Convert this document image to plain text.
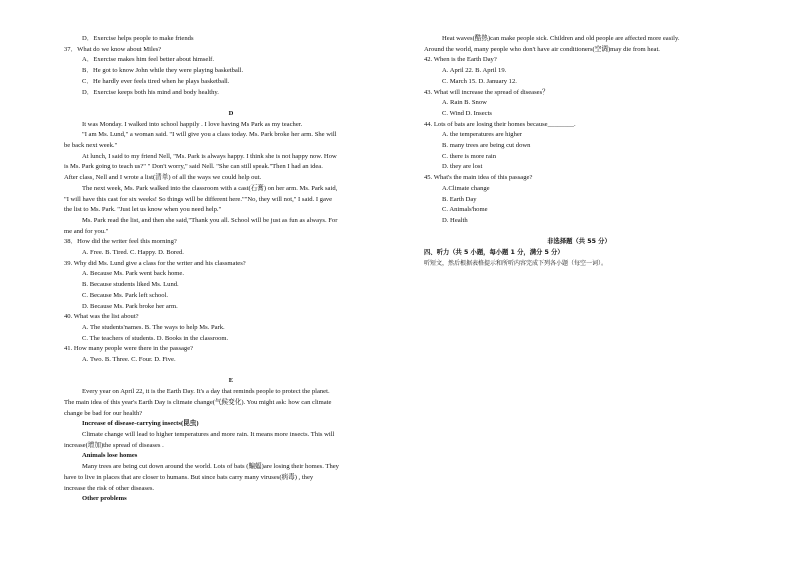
D．Exercise helps people to make friends
37．What do we know about Miles?
A．Exercise makes him feel better about himself.
B．He got to know John while they were playing basketball.
C．He hardly ever feels tired when he plays basketball.
D．Exercise keeps both his mind and body healthy.
D
It was Monday. I walked into school happily . I love having Ms Park as my teacher.
"I am Ms. Lund," a woman said. "I will give you a class today. Ms. Park broke her arm. She will
be back next week."
At lunch, I said to my friend Nell, "Ms. Park is always happy. I think she is not happy now. How
is Ms. Park going to teach us?" " Don't worry," said Nell. "She can still speak."Then I had an idea.
After class, Nell and I wrote a list(清单) of all the ways we could help out.
The next week, Ms. Park walked into the classroom with a cast(石膏) on her arm. Ms. Park said,
"I will have this cast for six weeks! So things will be different here.""No, they will not," I said. I gave
the list to Ms. Park. "Just let us know when you need help."
Ms. Park read the list, and then she said,"Thank you all. School will be just as fun as always. For
me and for you."
38．How did the writer feel this morning?
A. Free. B. Tired. C. Happy. D. Bored.
39. Why did Ms. Lund give a class for the writer and his classmates?
A. Because Ms. Park went back home.
B. Because students liked Ms. Lund.
C. Because Ms. Park left school.
D. Because Ms. Park broke her arm.
40. What was the list about?
A. The students'names. B. The ways to help Ms. Park.
C. The teachers of students. D. Books in the classroom.
41. How many people were there in the passage?
A. Two. B. Three. C. Four. D. Five.
E
Every year on April 22, it is the Earth Day. It's a day that reminds people to protect the planet.
The main idea of this year's Earth Day is climate change(气候变化). You might ask: how can climate
change be bad for our health?
Increase of disease-carrying insects(昆虫)
Climate change will lead to higher temperatures and more rain. It means more insects. This will
increase(增加)the spread of diseases .
Animals lose homes
Many trees are being cut down around the world. Lots of bats (蝙蝠)are losing their homes. They
have to live in places that are closer to humans. But since bats carry many viruses(病毒) , they
increase the risk of other diseases.
Other problems
Heat waves(酷热)can make people sick. Children and old people are affected more easily.
Around the world, many people who don't have air conditioners(空调)may die from heat.
42. When is the Earth Day?
A. April 22. B. April 19.
C. March 15. D. January 12.
43. What will increase the spread of diseases？
A. Rain B. Snow
C. Wind D. Insects
44. Lots of bats are losing their homes because________.
A. the temperatures are higher
B. many trees are being cut down
C. there is more rain
D. they are lost
45. What's the main idea of this passage?
A.Climate change
B. Earth Day
C. Animals'home
D. Health
非选择题（共 55 分）
四、听力（共 5 小题，每小题 1 分，满分 5 分）
听短文，然后根据表格提示和所听内容完成下列各小题（每空一词）。
